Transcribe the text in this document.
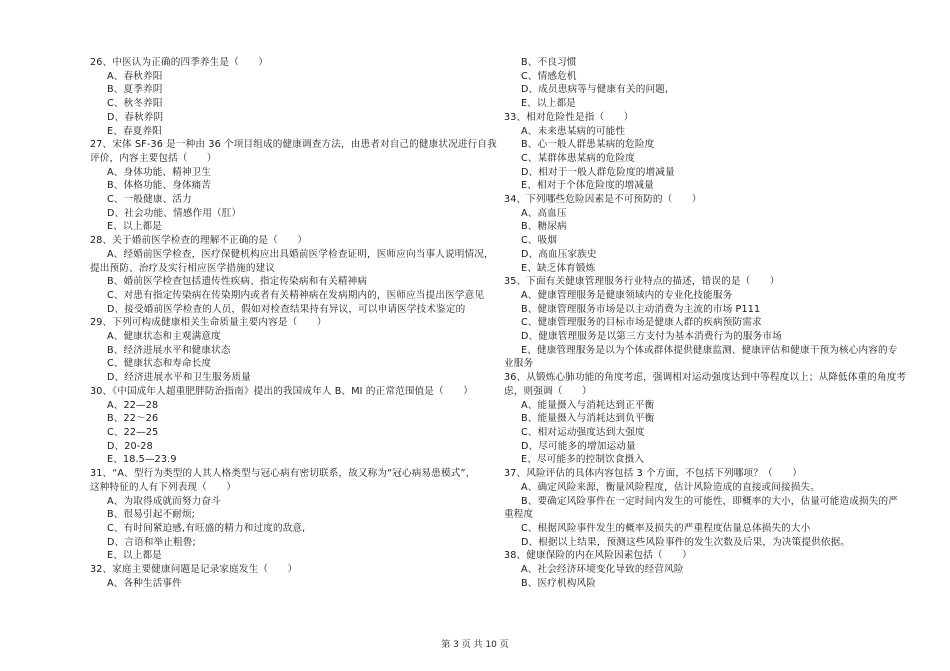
26、中医认为正确的四季养生是（　　）
A、春秋养阳
B、夏季养阴
C、秋冬养阳
D、春秋养阴
E、春夏养阳
27、宋体 SF-36 是一种由 36 个项目组成的健康调查方法，由患者对自己的健康状况进行自我
评价，内容主要包括（　　）
A、身体功能、精神卫生
B、体格功能、身体痛苦
C、一般健康、活力
D、社会功能、情感作用（肛）
E、以上都是
28、关于婚前医学检查的理解不正确的是（　　）
A、经婚前医学检查，医疗保健机构应出具婚前医学检查证明，医师应向当事人说明情况，
提出预防、治疗及实行相应医学措施的建议
B、婚前医学检查包括遗传性疾病、指定传染病和有关精神病
C、对患有指定传染病在传染期内或者有关精神病在发病期内的，医师应当提出医学意见
D、接受婚前医学检查的人员，假如对检查结果持有异议，可以申请医学技术鉴定的
29、下列可构成健康相关生命质量主要内容是（　　）
A、健康状态和主观满意度
B、经济进展水平和健康状态
C、健康状态和寿命长度
D、经济进展水平和卫生服务质量
30、《中国成年人超重肥胖防治指南》提出的我国成年人 B、MI 的正常范围值是（　　）
A、22—28
B、22～26
C、22—25
D、20-28
E、18.5—23.9
31、“A、型行为类型的人其人格类型与冠心病有密切联系，故又称为“冠心病易患模式”，
这种特征的人有下列表现（　　）
A、为取得成就而努力奋斗
B、很易引起不耐烦;
C、有时间紧迫感,有旺盛的精力和过度的敌意,
D、言语和举止粗鲁;
E、以上都是
32、家庭主要健康问题是记录家庭发生（　　）
A、各种生活事件
B、不良习惯
C、情感危机
D、成员患病等与健康有关的问题,
E、以上都是
33、相对危险性是指（　　）
A、未来患某病的可能性
B、心一般人群患某病的危险度
C、某群体患某病的危险度
D、相对于一般人群危险度的增减量
E、相对于个体危险度的增减量
34、下列哪些危险因素是不可预防的（　　）
A、高血压
B、糖尿病
C、吸烟
D、高血压家族史
E、缺乏体育锻炼
35、下面有关健康管理服务行业特点的描述，错误的是（　　）
A、健康管理服务是健康领域内的专业化技能服务
B、健康管理服务市场是以主动消费为主流的市场 P111
C、健康管理服务的目标市场是健康人群的疾病预防需求
D、健康管理服务是以第三方支付为基本消费行为的服务市场
E、健康管理服务是以为个体或群体提供健康监测、健康评估和健康干预为核心内容的专
业服务
36、从锻炼心肺功能的角度考虑，强调相对运动强度达到中等程度以上；从降低体重的角度考
虑，则强调（　　）
A、能量摄入与消耗达到正平衡
B、能量摄入与消耗达到负平衡
C、相对运动强度达到大强度
D、尽可能多的增加运动量
E、尽可能多的控制饮食摄入
37、风险评估的具体内容包括 3 个方面，不包括下列哪项？（　　）
A、确定风险来源，衡量风险程度，估计风险造成的直接或间接损失。
B、要确定风险事件在一定时间内发生的可能性，即概率的大小，估量可能造成损失的严
重程度
C、根据风险事件发生的概率及损失的严重程度估量总体损失的大小
D、根据以上结果，预测这些风险事件的发生次数及后果，为决策提供依据。
38、健康保险的内在风险因素包括（　　）
A、社会经济环境变化导致的经营风险
B、医疗机构风险
第 3 页 共 10 页
